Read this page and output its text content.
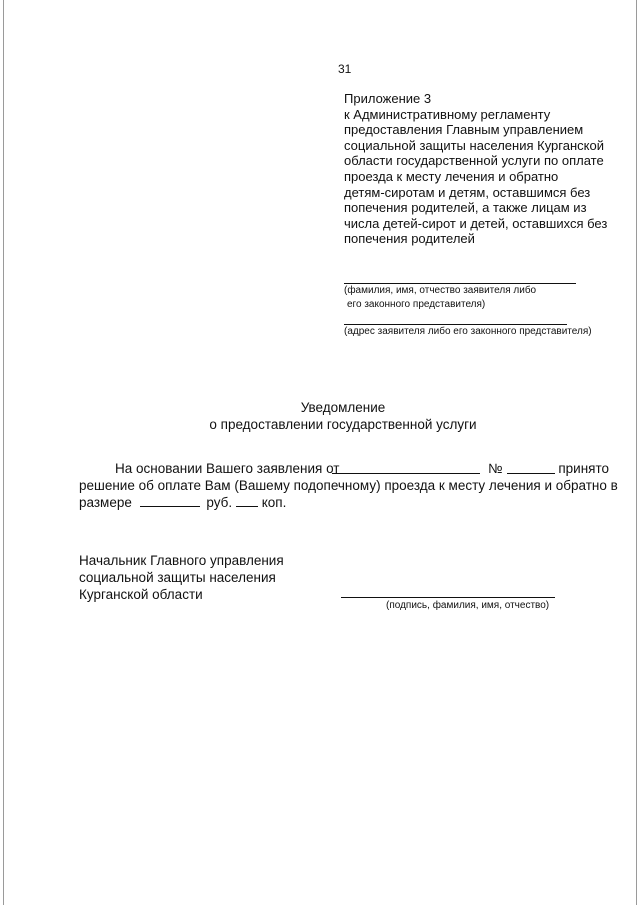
31
Приложение 3
к Административному регламенту
предоставления Главным управлением
социальной защиты населения Курганской
области государственной услуги по оплате
проезда к месту лечения и обратно
детям-сиротам и детям, оставшимся без
попечения родителей, а также лицам из
числа детей-сирот и детей, оставшихся без
попечения родителей
(фамилия, имя, отчество заявителя либо
его законного представителя)
(адрес заявителя либо его законного представителя)
Уведомление
о предоставлении государственной услуги
На основании Вашего заявления от	№	принято
решение об оплате Вам (Вашему подопечному) проезда к месту лечения и обратно в
размере	руб. коп.
Начальник Главного управления
социальной защиты населения
Курганской области
(подпись, фамилия, имя, отчество)
